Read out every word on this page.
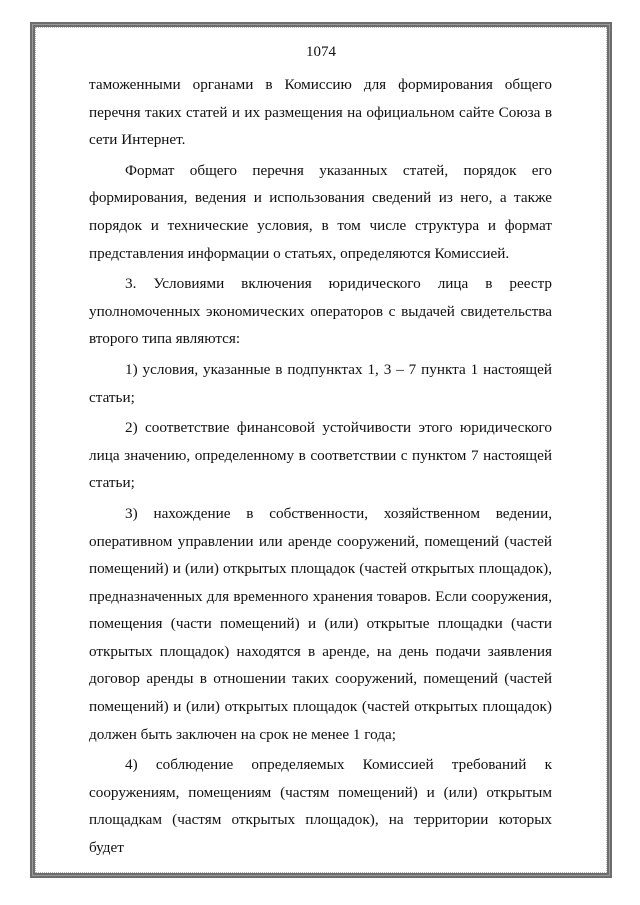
1074

таможенными органами в Комиссию для формирования общего перечня таких статей и их размещения на официальном сайте Союза в сети Интернет.

Формат общего перечня указанных статей, порядок его формирования, ведения и использования сведений из него, а также порядок и технические условия, в том числе структура и формат представления информации о статьях, определяются Комиссией.

3. Условиями включения юридического лица в реестр уполномоченных экономических операторов с выдачей свидетельства второго типа являются:

1) условия, указанные в подпунктах 1, 3 – 7 пункта 1 настоящей статьи;

2) соответствие финансовой устойчивости этого юридического лица значению, определенному в соответствии с пунктом 7 настоящей статьи;

3) нахождение в собственности, хозяйственном ведении, оперативном управлении или аренде сооружений, помещений (частей помещений) и (или) открытых площадок (частей открытых площадок), предназначенных для временного хранения товаров. Если сооружения, помещения (части помещений) и (или) открытые площадки (части открытых площадок) находятся в аренде, на день подачи заявления договор аренды в отношении таких сооружений, помещений (частей помещений) и (или) открытых площадок (частей открытых площадок) должен быть заключен на срок не менее 1 года;

4) соблюдение определяемых Комиссией требований к сооружениям, помещениям (частям помещений) и (или) открытым площадкам (частям открытых площадок), на территории которых будет
